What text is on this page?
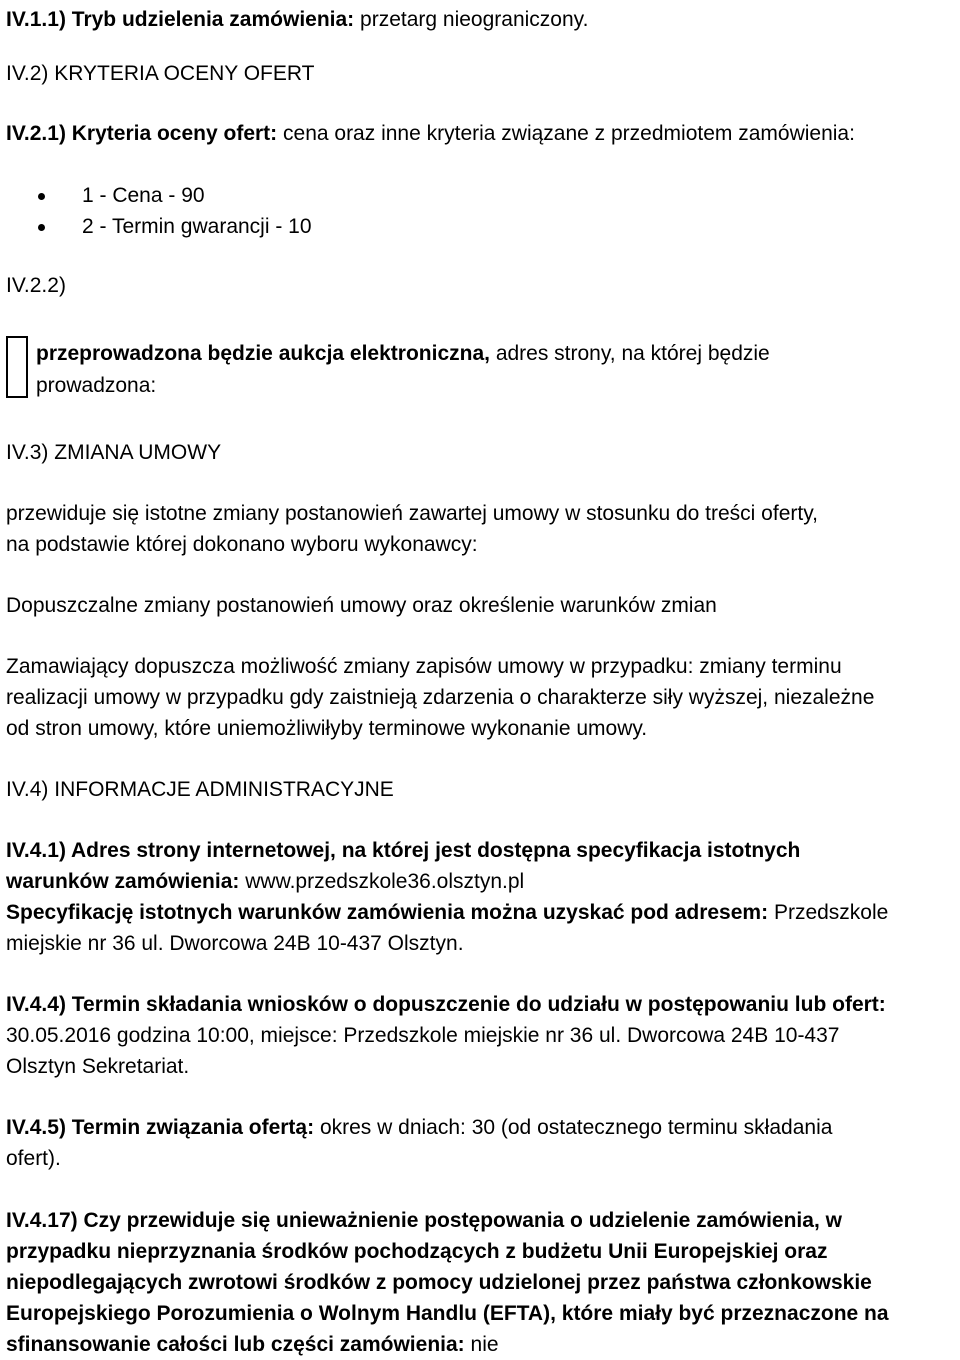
IV.1.1) Tryb udzielenia zamówienia: przetarg nieograniczony.
IV.2) KRYTERIA OCENY OFERT
IV.2.1) Kryteria oceny ofert: cena oraz inne kryteria związane z przedmiotem zamówienia:
1 - Cena - 90
2 - Termin gwarancji - 10
IV.2.2)
przeprowadzona będzie aukcja elektroniczna, adres strony, na której będzie
prowadzona:
IV.3) ZMIANA UMOWY
przewiduje się istotne zmiany postanowień zawartej umowy w stosunku do treści oferty,
na podstawie której dokonano wyboru wykonawcy:
Dopuszczalne zmiany postanowień umowy oraz określenie warunków zmian
Zamawiający dopuszcza możliwość zmiany zapisów umowy w przypadku: zmiany terminu
realizacji umowy w przypadku gdy zaistnieją zdarzenia o charakterze siły wyższej, niezależne
od stron umowy, które uniemożliwiłyby terminowe wykonanie umowy.
IV.4) INFORMACJE ADMINISTRACYJNE
IV.4.1) Adres strony internetowej, na której jest dostępna specyfikacja istotnych
warunków zamówienia: www.przedszkole36.olsztyn.pl
Specyfikację istotnych warunków zamówienia można uzyskać pod adresem: Przedszkole
miejskie nr 36 ul. Dworcowa 24B 10-437 Olsztyn.
IV.4.4) Termin składania wniosków o dopuszczenie do udziału w postępowaniu lub ofert:
30.05.2016 godzina 10:00, miejsce: Przedszkole miejskie nr 36 ul. Dworcowa 24B 10-437
Olsztyn Sekretariat.
IV.4.5) Termin związania ofertą: okres w dniach: 30 (od ostatecznego terminu składania
ofert).
IV.4.17) Czy przewiduje się unieważnienie postępowania o udzielenie zamówienia, w
przypadku nieprzyznania środków pochodzących z budżetu Unii Europejskiej oraz
niepodlegających zwrotowi środków z pomocy udzielonej przez państwa członkowskie
Europejskiego Porozumienia o Wolnym Handlu (EFTA), które miały być przeznaczone na
sfinansowanie całości lub części zamówienia: nie
